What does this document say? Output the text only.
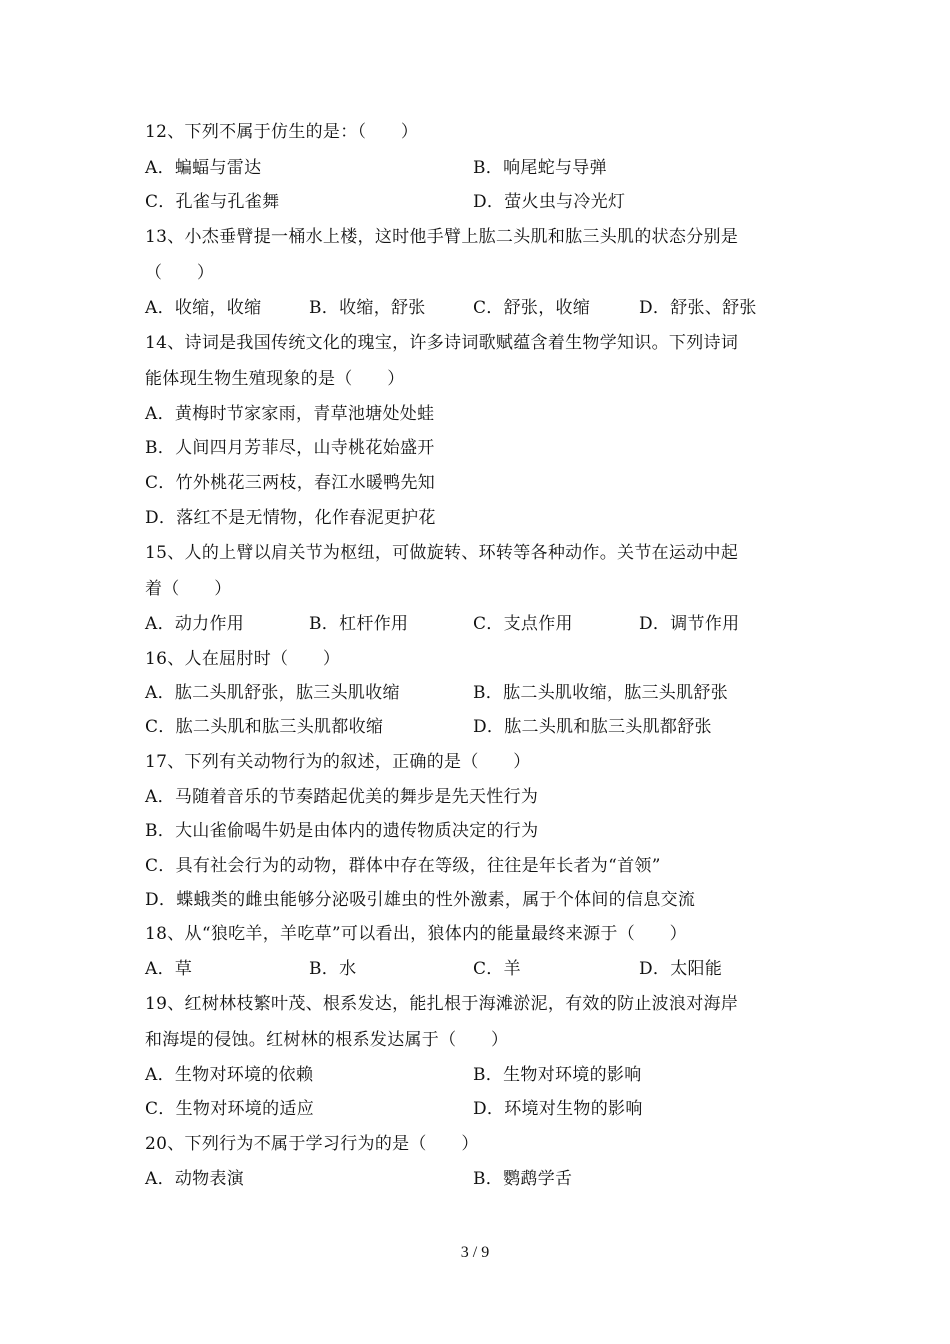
12、下列不属于仿生的是：（　　）
A．蝙蝠与雷达	B．响尾蛇与导弹
C．孔雀与孔雀舞	D．萤火虫与冷光灯
13、小杰垂臂提一桶水上楼，这时他手臂上肱二头肌和肱三头肌的状态分别是
（　　）
A．收缩，收缩	B．收缩，舒张	C．舒张，收缩	D．舒张、舒张
14、诗词是我国传统文化的瑰宝，许多诗词歌赋蕴含着生物学知识。下列诗词
能体现生物生殖现象的是（　　）
A．黄梅时节家家雨，青草池塘处处蛙
B．人间四月芳菲尽，山寺桃花始盛开
C．竹外桃花三两枝，春江水暖鸭先知
D．落红不是无情物，化作春泥更护花
15、人的上臂以肩关节为枢纽，可做旋转、环转等各种动作。关节在运动中起
着（　　）
A．动力作用	B．杠杆作用	C．支点作用	D．调节作用
16、人在屈肘时（　　）
A．肱二头肌舒张，肱三头肌收缩	B．肱二头肌收缩，肱三头肌舒张
C．肱二头肌和肱三头肌都收缩	D．肱二头肌和肱三头肌都舒张
17、下列有关动物行为的叙述，正确的是（　　）
A．马随着音乐的节奏踏起优美的舞步是先天性行为
B．大山雀偷喝牛奶是由体内的遗传物质决定的行为
C．具有社会行为的动物，群体中存在等级，往往是年长者为“首领”
D．蝶蛾类的雌虫能够分泌吸引雄虫的性外激素，属于个体间的信息交流
18、从“狼吃羊，羊吃草”可以看出，狼体内的能量最终来源于（　　）
A．草	B．水	C．羊	D．太阳能
19、红树林枝繁叶茂、根系发达，能扎根于海滩淤泥，有效的防止波浪对海岸
和海堤的侵蚀。红树林的根系发达属于（　　）
A．生物对环境的依赖	B．生物对环境的影响
C．生物对环境的适应	D．环境对生物的影响
20、下列行为不属于学习行为的是（　　）
A．动物表演	B．鹦鹉学舌
3 / 9
